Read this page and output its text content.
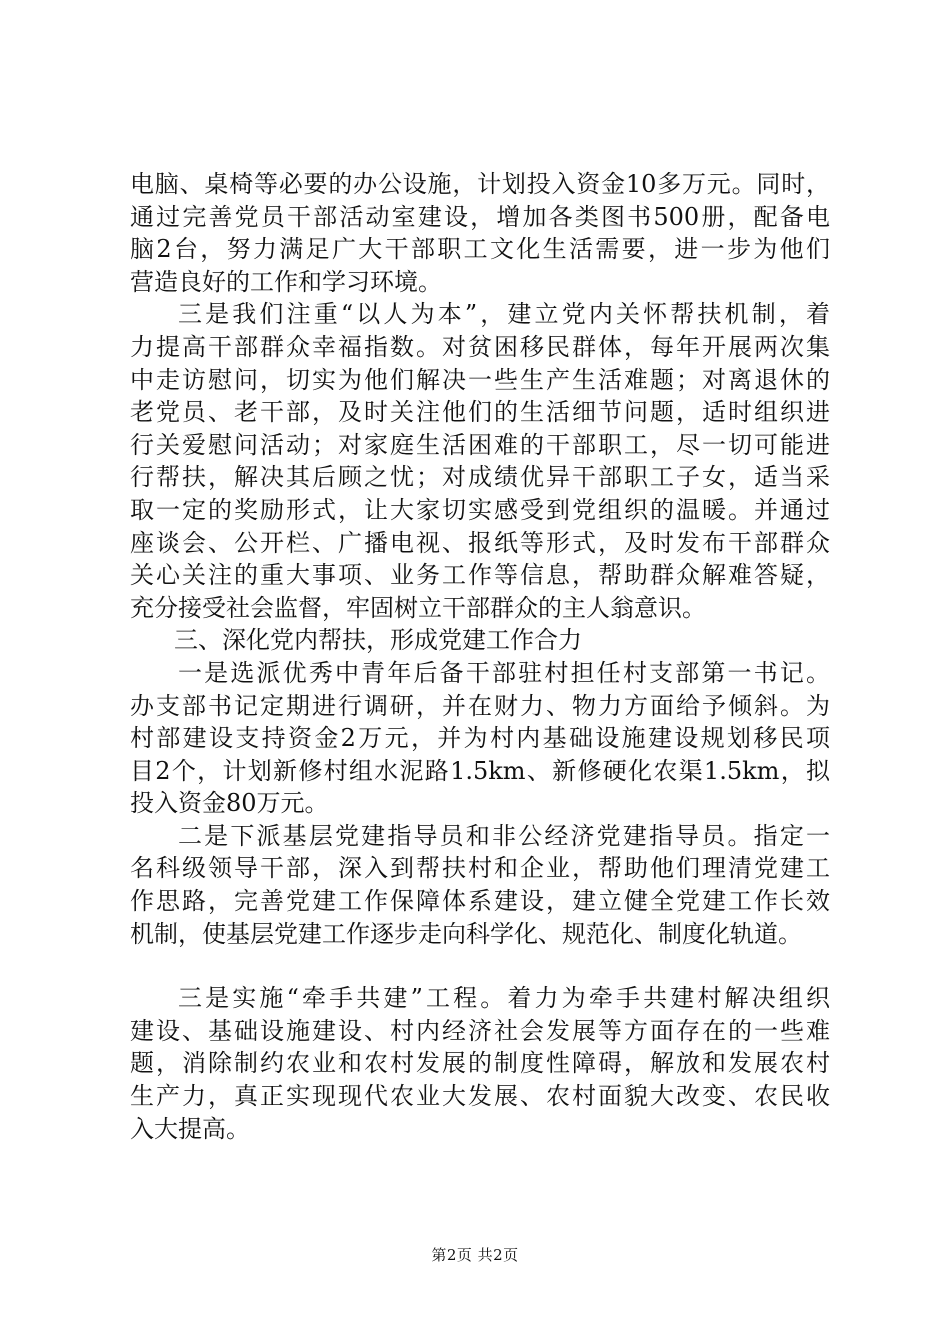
电脑、桌椅等必要的办公设施，计划投入资金10多万元。同时，
通过完善党员干部活动室建设，增加各类图书500册，配备电
脑2台，努力满足广大干部职工文化生活需要，进一步为他们
营造良好的工作和学习环境。
三是我们注重“以人为本”，建立党内关怀帮扶机制，着
力提高干部群众幸福指数。对贫困移民群体，每年开展两次集
中走访慰问，切实为他们解决一些生产生活难题；对离退休的
老党员、老干部，及时关注他们的生活细节问题，适时组织进
行关爱慰问活动；对家庭生活困难的干部职工，尽一切可能进
行帮扶，解决其后顾之忧；对成绩优异干部职工子女，适当采
取一定的奖励形式，让大家切实感受到党组织的温暖。并通过
座谈会、公开栏、广播电视、报纸等形式，及时发布干部群众
关心关注的重大事项、业务工作等信息，帮助群众解难答疑，
充分接受社会监督，牢固树立干部群众的主人翁意识。
三、深化党内帮扶，形成党建工作合力
一是选派优秀中青年后备干部驻村担任村支部第一书记。
办支部书记定期进行调研，并在财力、物力方面给予倾斜。为
村部建设支持资金2万元，并为村内基础设施建设规划移民项
目2个，计划新修村组水泥路1.5km、新修硬化农渠1.5km，拟
投入资金80万元。
二是下派基层党建指导员和非公经济党建指导员。指定一
名科级领导干部，深入到帮扶村和企业，帮助他们理清党建工
作思路，完善党建工作保障体系建设，建立健全党建工作长效
机制，使基层党建工作逐步走向科学化、规范化、制度化轨道。
三是实施“牵手共建”工程。着力为牵手共建村解决组织
建设、基础设施建设、村内经济社会发展等方面存在的一些难
题，消除制约农业和农村发展的制度性障碍，解放和发展农村
生产力，真正实现现代农业大发展、农村面貌大改变、农民收
入大提高。
第2页 共2页
